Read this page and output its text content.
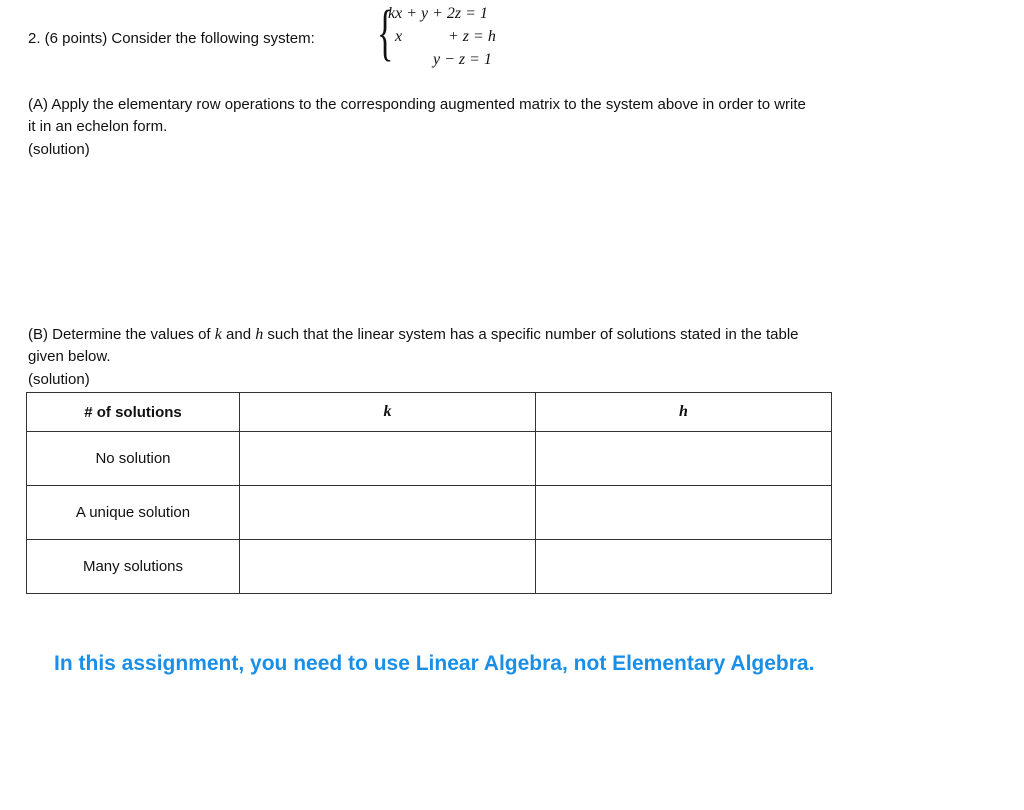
2. (6 points) Consider the following system: {
kx + y + 2z = 1
x	+ z = h
y − z = 1
(A) Apply the elementary row operations to the corresponding augmented matrix to the system above in order to write
it in an echelon form.
(solution)
(B) Determine the values of k and h such that the linear system has a specific number of solutions stated in the table
given below.
(solution)
# of solutions	k	h
No solution		
A unique solution		
Many solutions		
In this assignment, you need to use Linear Algebra, not Elementary Algebra.
